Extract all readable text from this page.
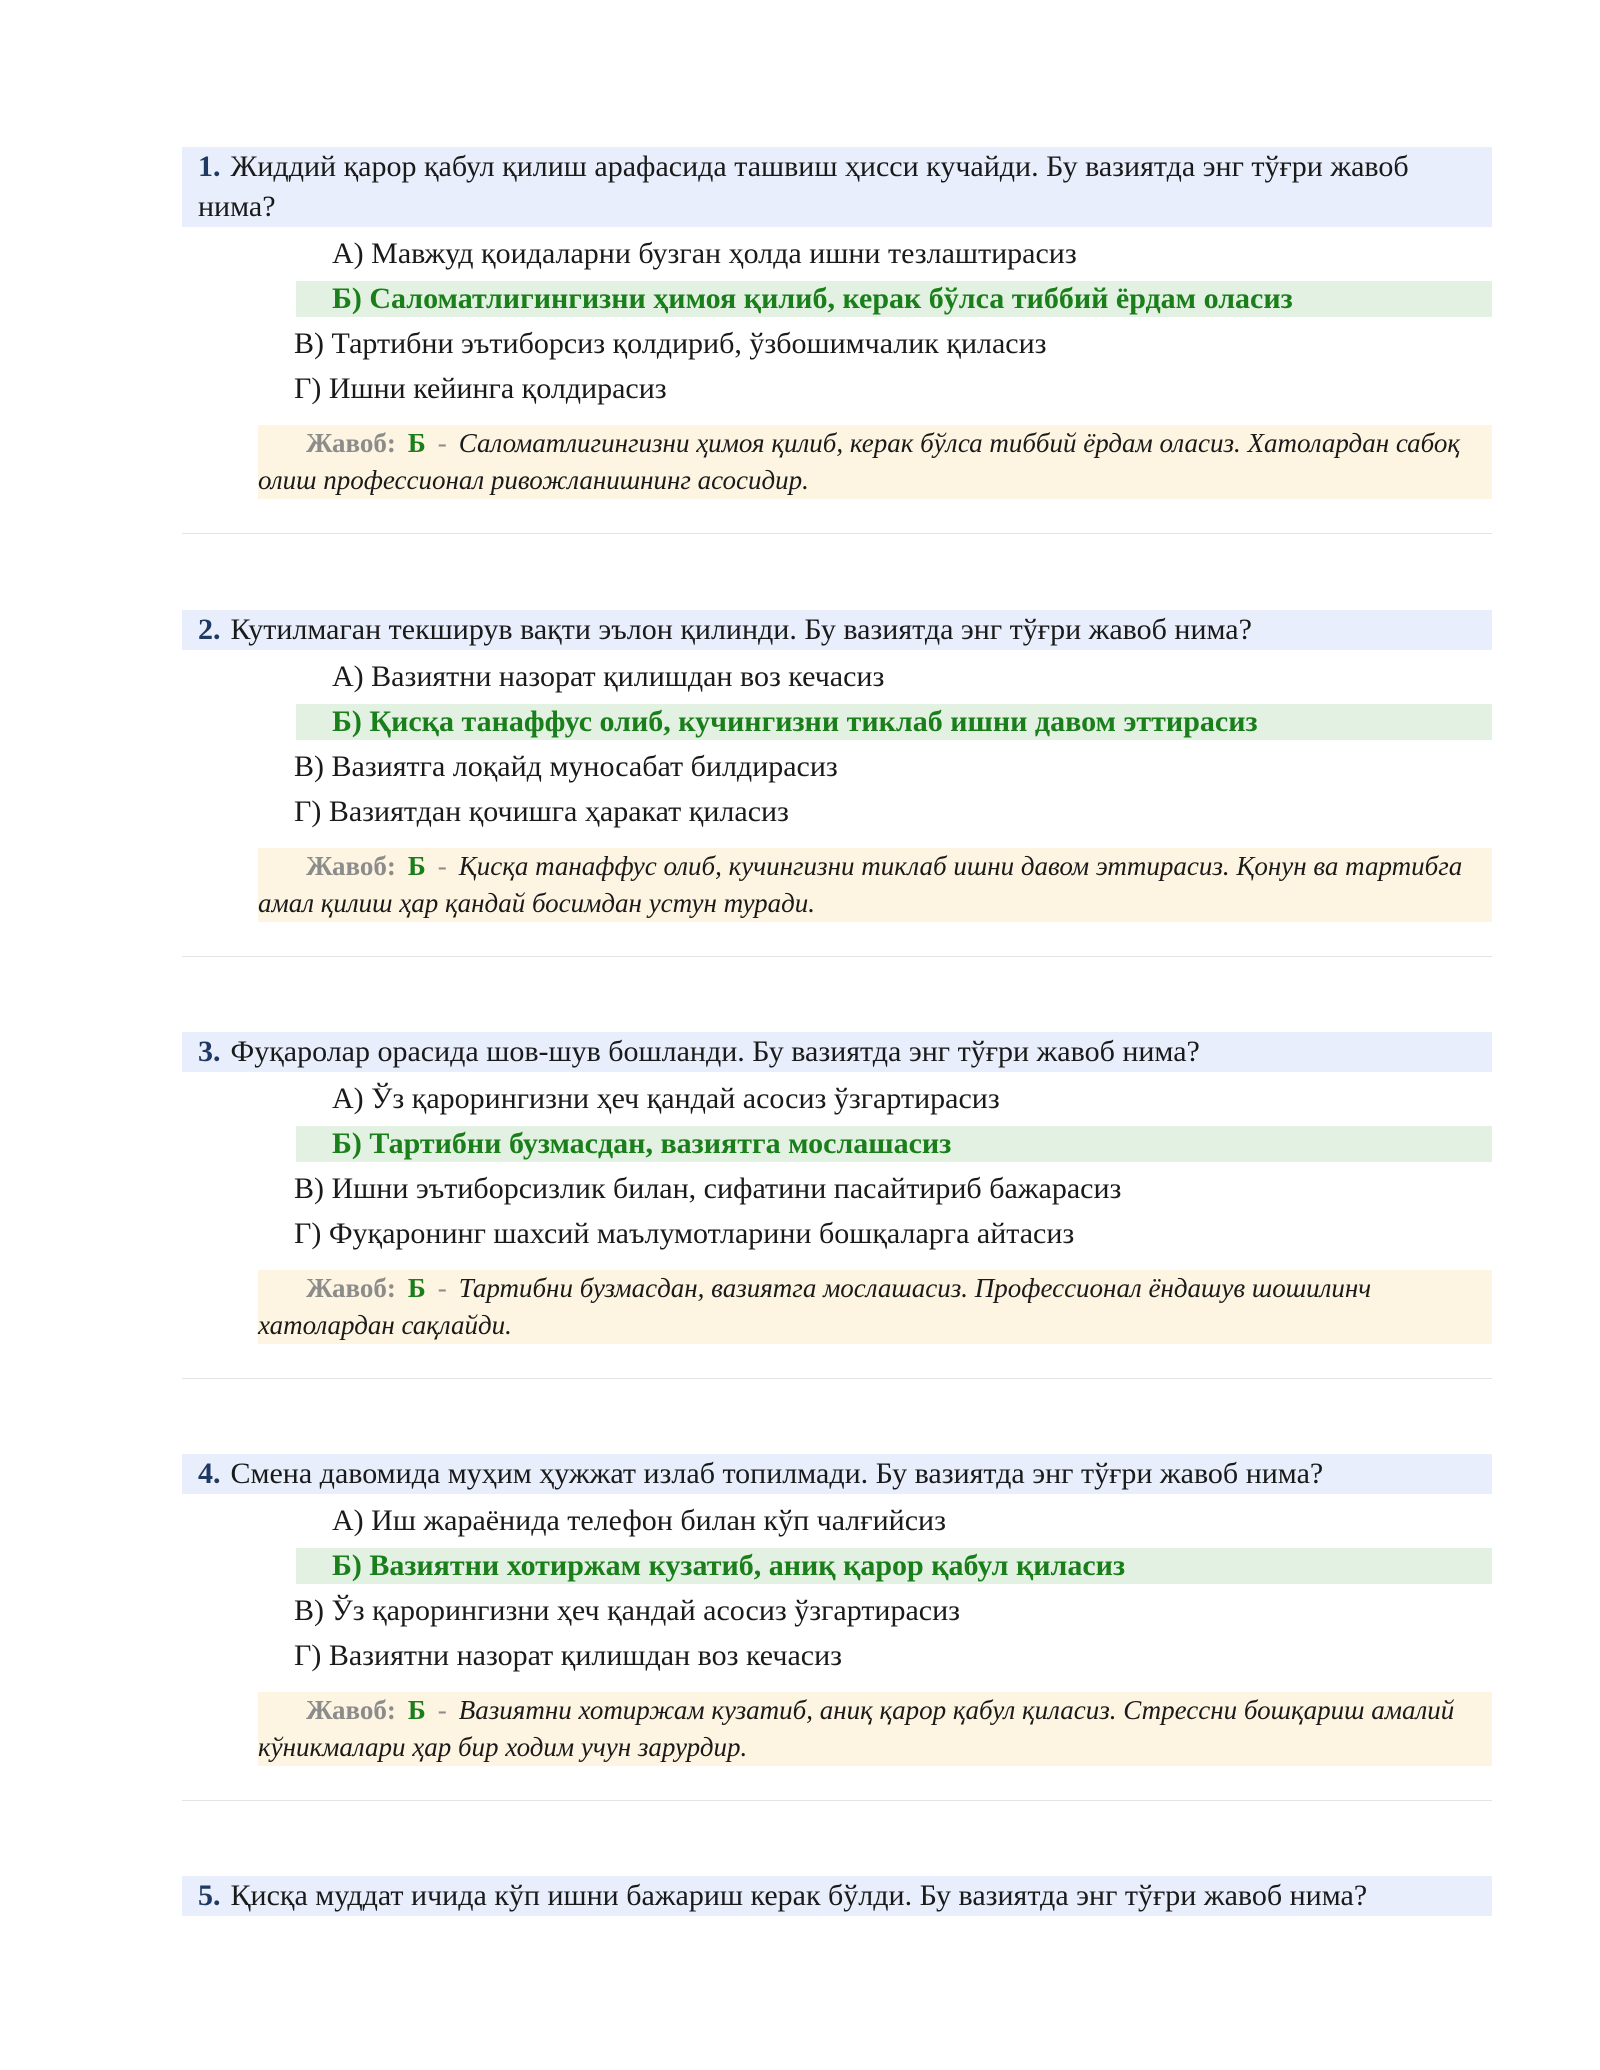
1. Жиддий қарор қабул қилиш арафасида ташвиш ҳисси кучайди. Бу вазиятда энг тўғри жавоб нима?
А) Мавжуд қоидаларни бузган ҳолда ишни тезлаштирасиз
Б) Саломатлигингизни ҳимоя қилиб, керак бўлса тиббий ёрдам оласиз
В) Тартибни эътиборсиз қолдириб, ўзбошимчалик қиласиз
Г) Ишни кейинга қолдирасиз
Жавоб: Б - Саломатлигингизни ҳимоя қилиб, керак бўлса тиббий ёрдам оласиз. Хатолардан сабоқ олиш профессионал ривожланишнинг асосидир.
2. Кутилмаган текширув вақти эълон қилинди. Бу вазиятда энг тўғри жавоб нима?
А) Вазиятни назорат қилишдан воз кечасиз
Б) Қисқа танаффус олиб, кучингизни тиклаб ишни давом эттирасиз
В) Вазиятга лоқайд муносабат билдирасиз
Г) Вазиятдан қочишга ҳаракат қиласиз
Жавоб: Б - Қисқа танаффус олиб, кучингизни тиклаб ишни давом эттирасиз. Қонун ва тартибга амал қилиш ҳар қандай босимдан устун туради.
3. Фуқаролар орасида шов-шув бошланди. Бу вазиятда энг тўғри жавоб нима?
А) Ўз қарорингизни ҳеч қандай асосиз ўзгартирасиз
Б) Тартибни бузмасдан, вазиятга мослашасиз
В) Ишни эътиборсизлик билан, сифатини пасайтириб бажарасиз
Г) Фуқаронинг шахсий маълумотларини бошқаларга айтасиз
Жавоб: Б - Тартибни бузмасдан, вазиятга мослашасиз. Профессионал ёндашув шошилинч хатолардан сақлайди.
4. Смена давомида муҳим ҳужжат излаб топилмади. Бу вазиятда энг тўғри жавоб нима?
А) Иш жараёнида телефон билан кўп чалғийсиз
Б) Вазиятни хотиржам кузатиб, аниқ қарор қабул қиласиз
В) Ўз қарорингизни ҳеч қандай асосиз ўзгартирасиз
Г) Вазиятни назорат қилишдан воз кечасиз
Жавоб: Б - Вазиятни хотиржам кузатиб, аниқ қарор қабул қиласиз. Стрессни бошқариш амалий кўникмалари ҳар бир ходим учун зарурдир.
5. Қисқа муддат ичида кўп ишни бажариш керак бўлди. Бу вазиятда энг тўғри жавоб нима?
